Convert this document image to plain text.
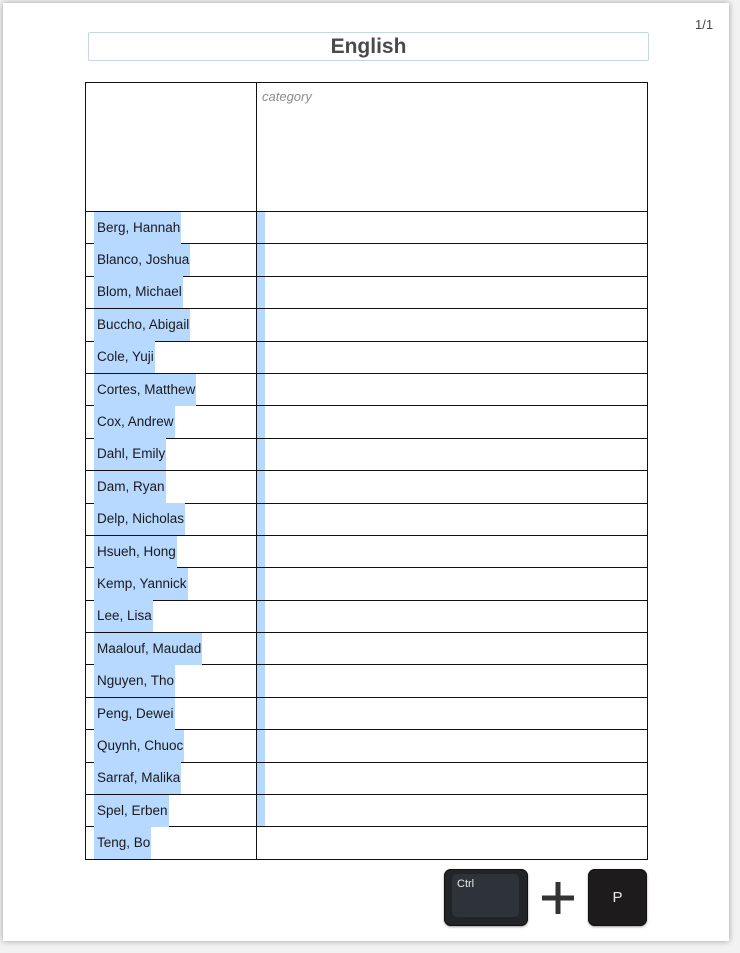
1/1
English
category
Berg, Hannah
Blanco, Joshua
Blom, Michael
Buccho, Abigail
Cole, Yuji
Cortes, Matthew
Cox, Andrew
Dahl, Emily
Dam, Ryan
Delp, Nicholas
Hsueh, Hong
Kemp, Yannick
Lee, Lisa
Maalouf, Maudad
Nguyen, Tho
Peng, Dewei
Quynh, Chuoc
Sarraf, Malika
Spel, Erben
Teng, Bo
Ctrl
P
